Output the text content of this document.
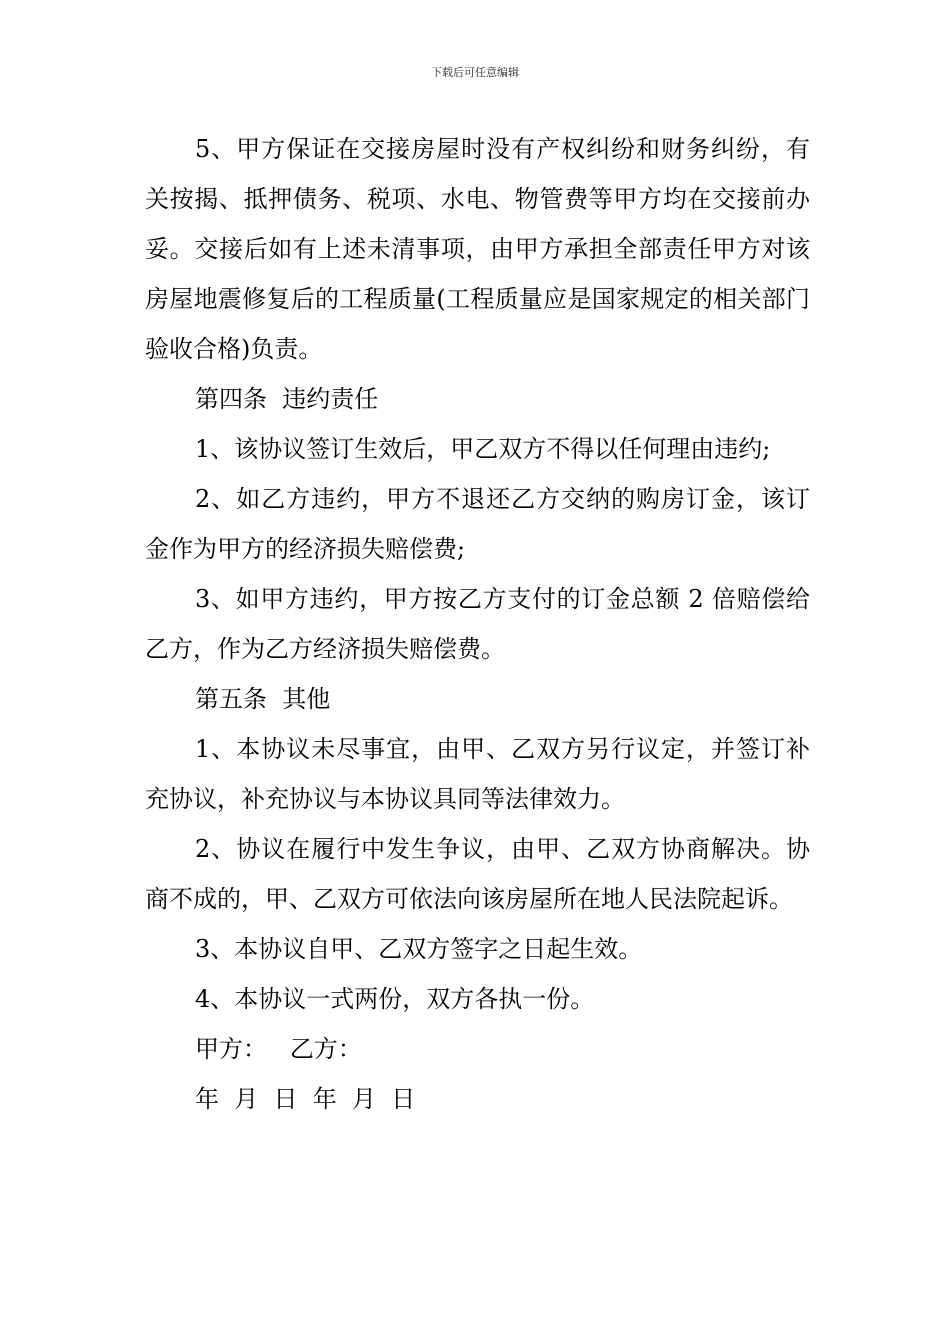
下载后可任意编辑

5、甲方保证在交接房屋时没有产权纠纷和财务纠纷，有关按揭、抵押债务、税项、水电、物管费等甲方均在交接前办妥。交接后如有上述未清事项，由甲方承担全部责任甲方对该房屋地震修复后的工程质量(工程质量应是国家规定的相关部门验收合格)负责。

第四条  违约责任

1、该协议签订生效后，甲乙双方不得以任何理由违约;

2、如乙方违约，甲方不退还乙方交纳的购房订金，该订金作为甲方的经济损失赔偿费;

3、如甲方违约，甲方按乙方支付的订金总额 2 倍赔偿给乙方，作为乙方经济损失赔偿费。

第五条  其他

1、本协议未尽事宜，由甲、乙双方另行议定，并签订补充协议，补充协议与本协议具同等法律效力。

2、协议在履行中发生争议，由甲、乙双方协商解决。协商不成的，甲、乙双方可依法向该房屋所在地人民法院起诉。

3、本协议自甲、乙双方签字之日起生效。

4、本协议一式两份，双方各执一份。

甲方：   乙方：

年  月  日  年  月  日
